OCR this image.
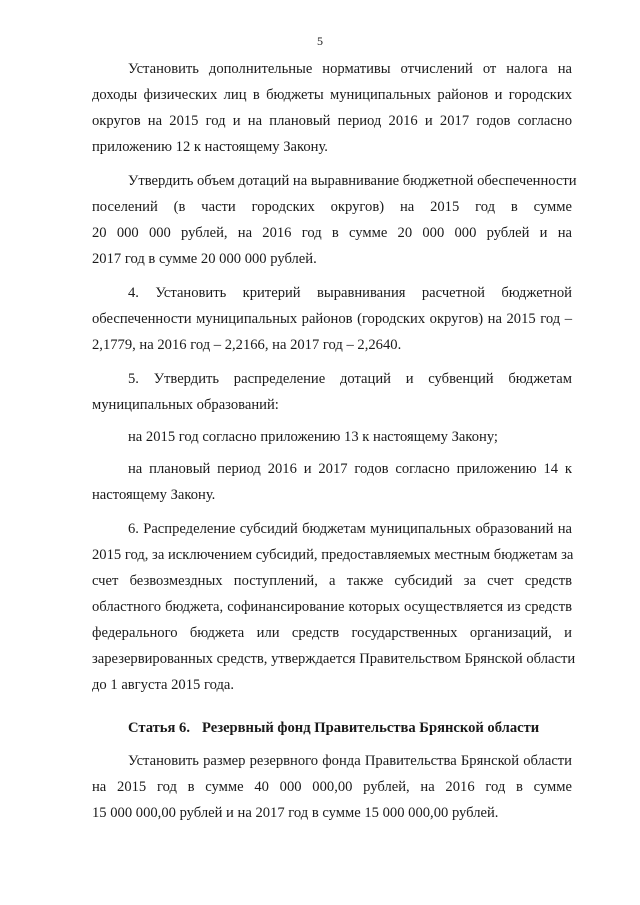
5
Установить дополнительные нормативы отчислений от налога на
доходы физических лиц в бюджеты муниципальных районов и городских
округов на 2015 год и на плановый период 2016 и 2017 годов согласно
приложению 12 к настоящему Закону.
Утвердить объем дотаций на выравнивание бюджетной обеспеченности
поселений (в части городских округов) на 2015 год в сумме
20 000 000 рублей, на 2016 год в сумме 20 000 000 рублей и на
2017 год в сумме 20 000 000 рублей.
4. Установить критерий выравнивания расчетной бюджетной
обеспеченности муниципальных районов (городских округов) на 2015 год –
2,1779, на 2016 год – 2,2166, на 2017 год – 2,2640.
5. Утвердить распределение дотаций и субвенций бюджетам
муниципальных образований:
на 2015 год согласно приложению 13 к настоящему Закону;
на плановый период 2016 и 2017 годов согласно приложению 14 к
настоящему Закону.
6. Распределение субсидий бюджетам муниципальных образований на
2015 год, за исключением субсидий, предоставляемых местным бюджетам за
счет безвозмездных поступлений, а также субсидий за счет средств
областного бюджета, софинансирование которых осуществляется из средств
федерального бюджета или средств государственных организаций, и
зарезервированных средств, утверждается Правительством Брянской области
до 1 августа 2015 года.
Статья 6. Резервный фонд Правительства Брянской области
Установить размер резервного фонда Правительства Брянской области
на 2015 год в сумме 40 000 000,00 рублей, на 2016 год в сумме
15 000 000,00 рублей и на 2017 год в сумме 15 000 000,00 рублей.
